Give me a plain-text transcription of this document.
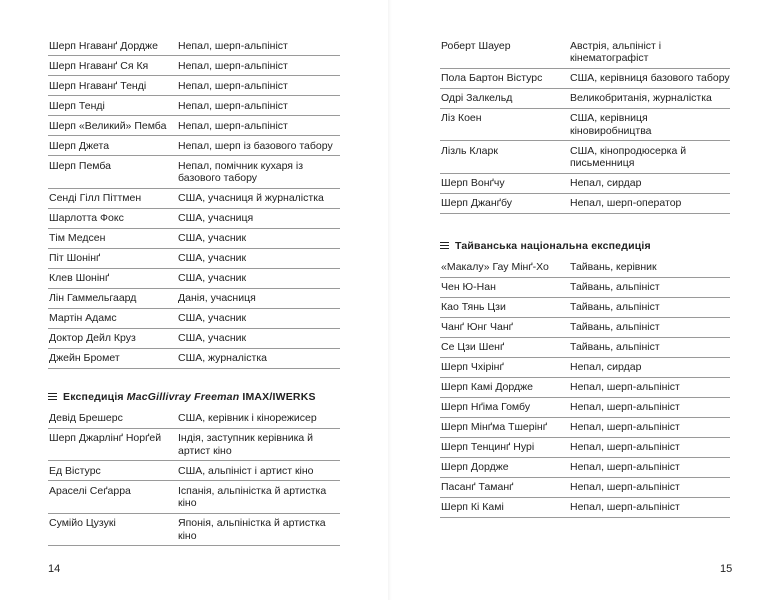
Шерп Нгаванґ Дордже	Непал, шерп-альпініст
Шерп Нгаванґ Ся Кя	Непал, шерп-альпініст
Шерп Нгаванґ Тенді	Непал, шерп-альпініст
Шерп Тенді	Непал, шерп-альпініст
Шерп «Великий» Пемба	Непал, шерп-альпініст
Шерп Джета	Непал, шерп із базового табору
Шерп Пемба	Непал, помічник кухаря із базового табору
Сенді Гілл Піттмен	США, учасниця й журналістка
Шарлотта Фокс	США, учасниця
Тім Медсен	США, учасник
Піт Шонінґ	США, учасник
Клев Шонінґ	США, учасник
Лін Гаммельгаард	Данія, учасниця
Мартін Адамс	США, учасник
Доктор Дейл Круз	США, учасник
Джейн Бромет	США, журналістка
Експедиція MacGillivray Freeman IMAX/IWERKS
Девід Брешерс	США, керівник і кінорежисер
Шерп Джарлінґ Норґей	Індія, заступник керівника й артист кіно
Ед Вістурс	США, альпініст і артист кіно
Араселі Сеґарра	Іспанія, альпіністка й артистка кіно
Сумійо Цузукі	Японія, альпіністка й артистка кіно
14
Роберт Шауер	Австрія, альпініст і кінематографіст
Пола Бартон Вістурс	США, керівниця базового табору
Одрі Залкельд	Великобританія, журналістка
Ліз Коен	США, керівниця кіновиробництва
Лізль Кларк	США, кінопродюсерка й письменниця
Шерп Вонґчу	Непал, сирдар
Шерп Джанґбу	Непал, шерп-оператор
Тайванська національна експедиція
«Макалу» Гау Мінґ-Хо	Тайвань, керівник
Чен Ю-Нан	Тайвань, альпініст
Као Тянь Цзи	Тайвань, альпініст
Чанґ Юнг Чанґ	Тайвань, альпініст
Се Цзи Шенґ	Тайвань, альпініст
Шерп Чхірінґ	Непал, сирдар
Шерп Камі Дордже	Непал, шерп-альпініст
Шерп Нґіма Гомбу	Непал, шерп-альпініст
Шерп Мінґма Тшерінґ	Непал, шерп-альпініст
Шерп Тенцинґ Нурі	Непал, шерп-альпініст
Шерп Дордже	Непал, шерп-альпініст
Пасанґ Таманґ	Непал, шерп-альпініст
Шерп Кі Камі	Непал, шерп-альпініст
15
